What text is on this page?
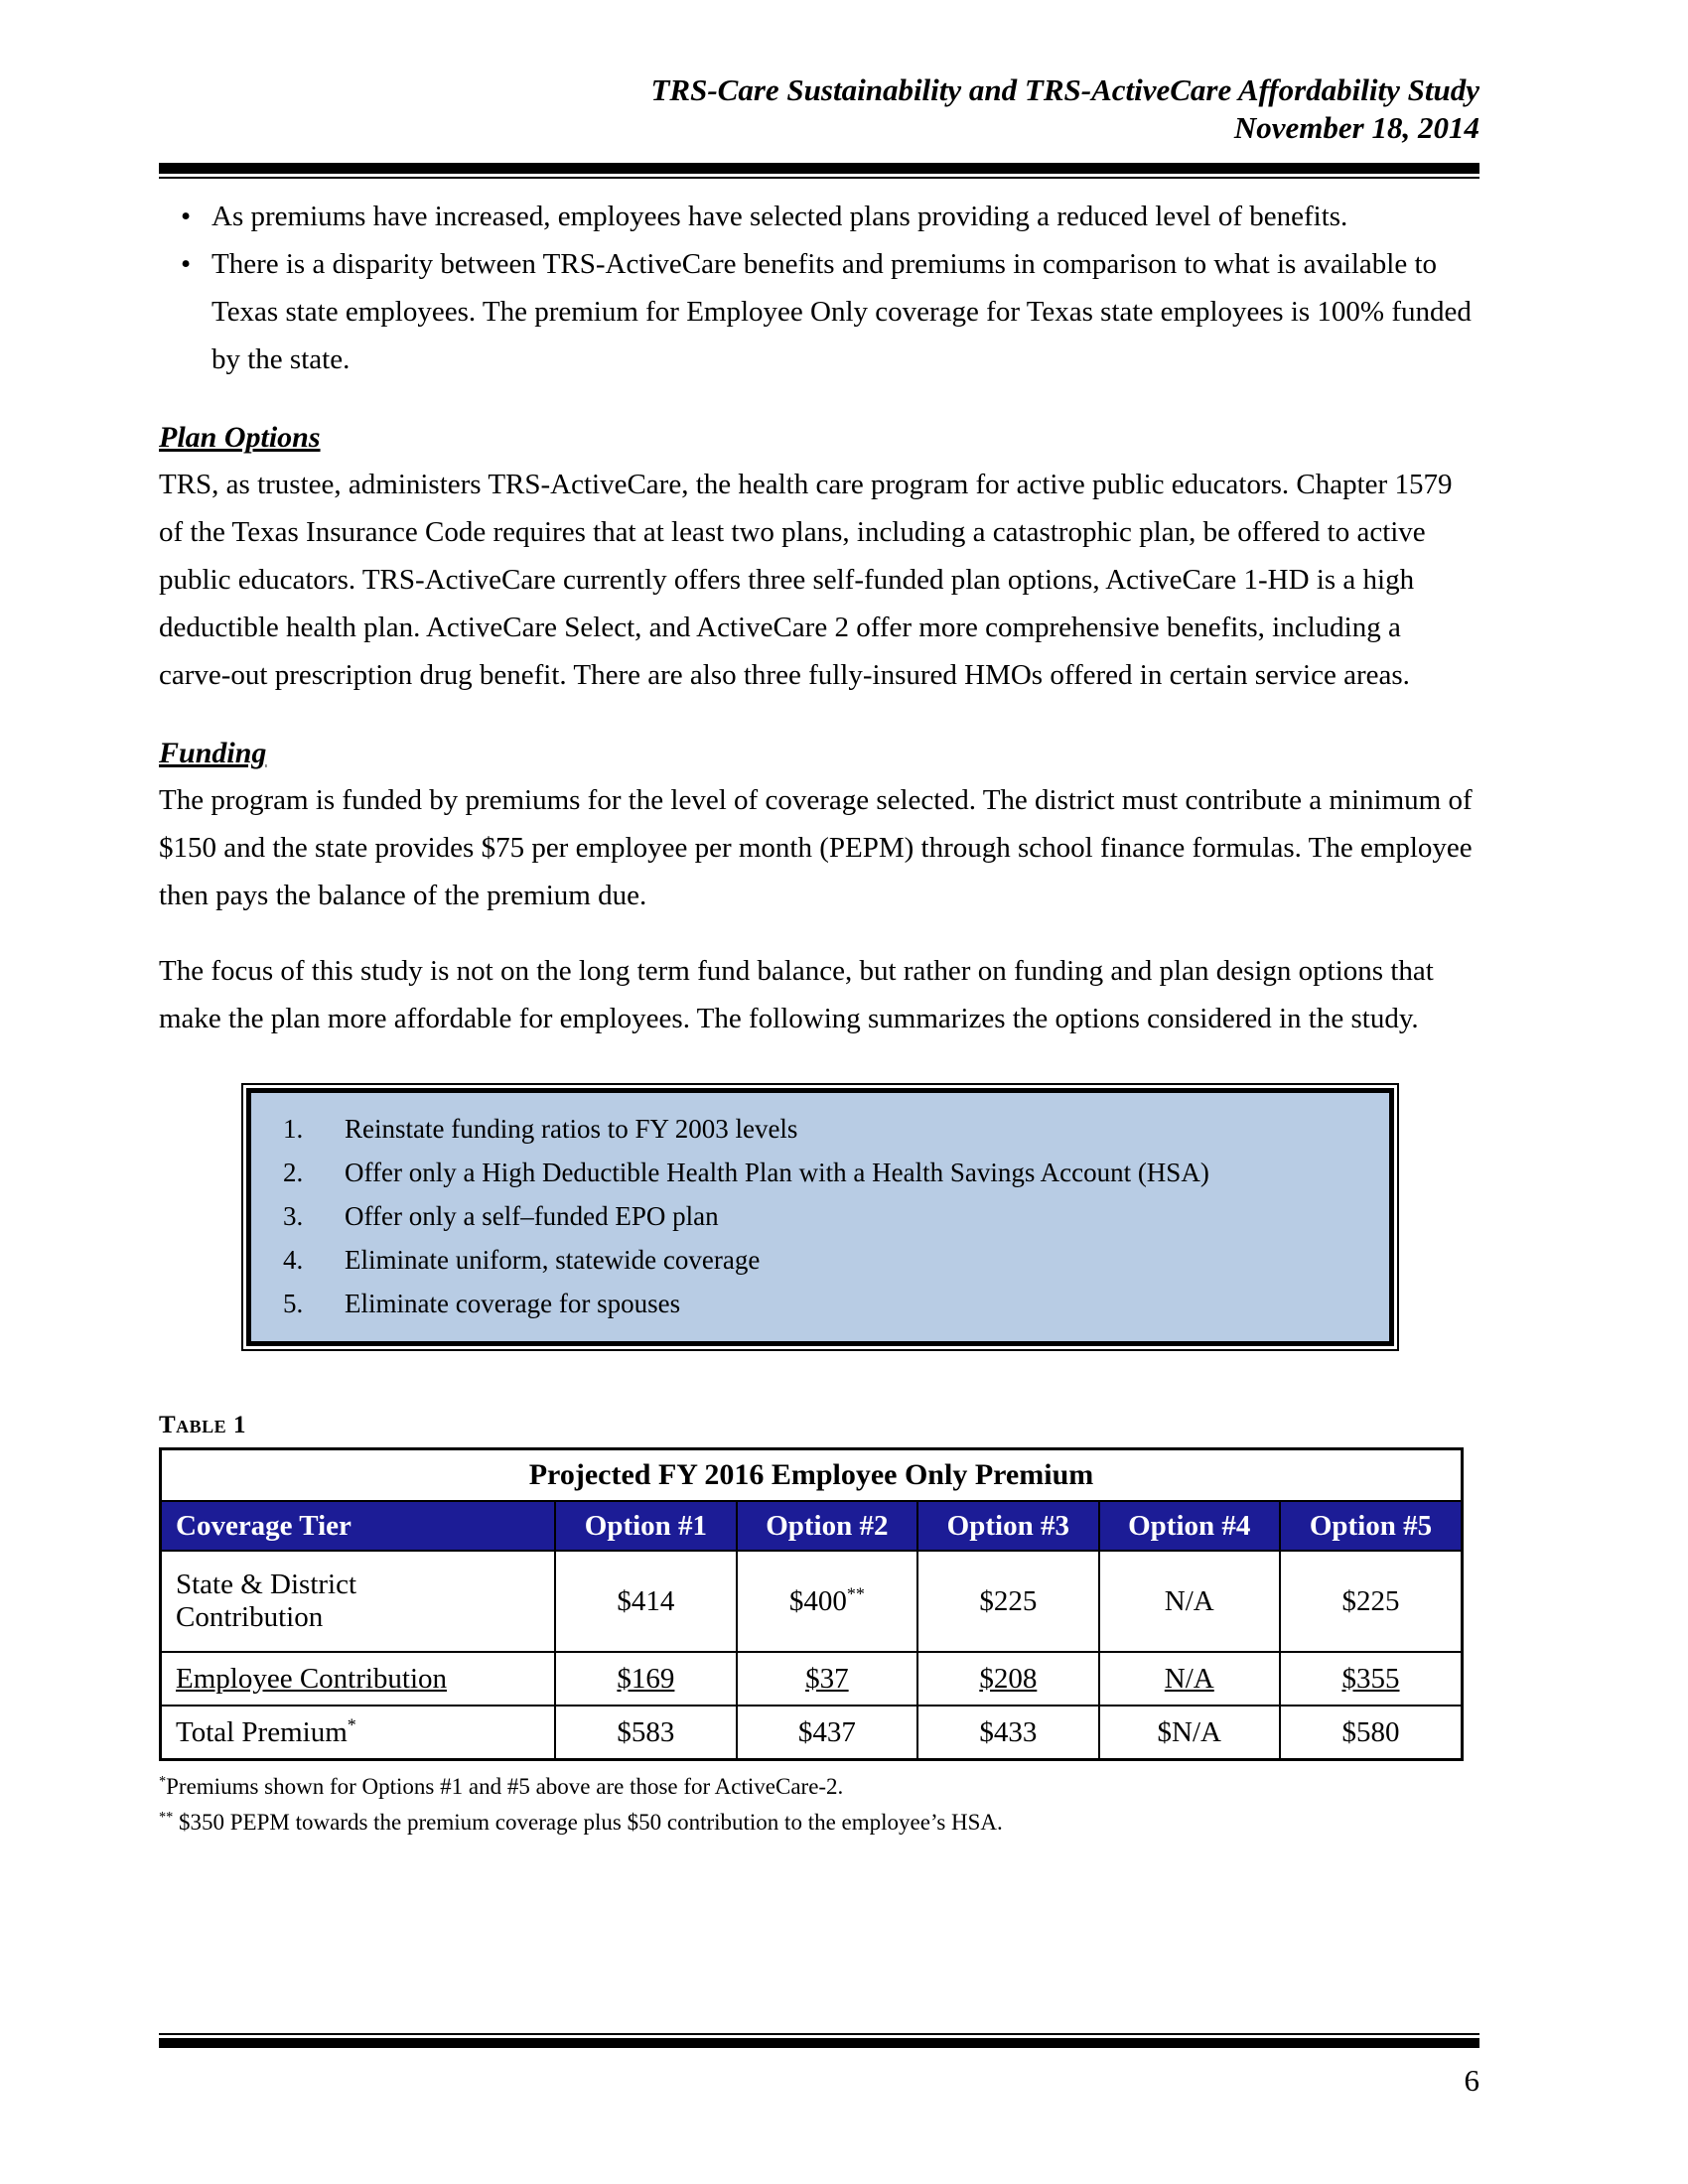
TRS-Care Sustainability and TRS-ActiveCare Affordability Study
November 18, 2014
• As premiums have increased, employees have selected plans providing a reduced level of benefits.
• There is a disparity between TRS-ActiveCare benefits and premiums in comparison to what is available to Texas state employees. The premium for Employee Only coverage for Texas state employees is 100% funded by the state.
Plan Options
TRS, as trustee, administers TRS-ActiveCare, the health care program for active public educators. Chapter 1579 of the Texas Insurance Code requires that at least two plans, including a catastrophic plan, be offered to active public educators. TRS-ActiveCare currently offers three self-funded plan options, ActiveCare 1-HD is a high deductible health plan. ActiveCare Select, and ActiveCare 2 offer more comprehensive benefits, including a carve-out prescription drug benefit. There are also three fully-insured HMOs offered in certain service areas.
Funding
The program is funded by premiums for the level of coverage selected. The district must contribute a minimum of $150 and the state provides $75 per employee per month (PEPM) through school finance formulas. The employee then pays the balance of the premium due.
The focus of this study is not on the long term fund balance, but rather on funding and plan design options that make the plan more affordable for employees. The following summarizes the options considered in the study.
1.	Reinstate funding ratios to FY 2003 levels
2.	Offer only a High Deductible Health Plan with a Health Savings Account (HSA)
3.	Offer only a self–funded EPO plan
4.	Eliminate uniform, statewide coverage
5.	Eliminate coverage for spouses
Table 1
Projected FY 2016 Employee Only Premium					
Coverage Tier	Option #1	Option #2	Option #3	Option #4	Option #5
State & District Contribution	$414	$400**	$225	N/A	$225
Employee Contribution	$169	$37	$208	N/A	$355
Total Premium*	$583	$437	$433	$N/A	$580
*Premiums shown for Options #1 and #5 above are those for ActiveCare-2.
** $350 PEPM towards the premium coverage plus $50 contribution to the employee’s HSA.
6
